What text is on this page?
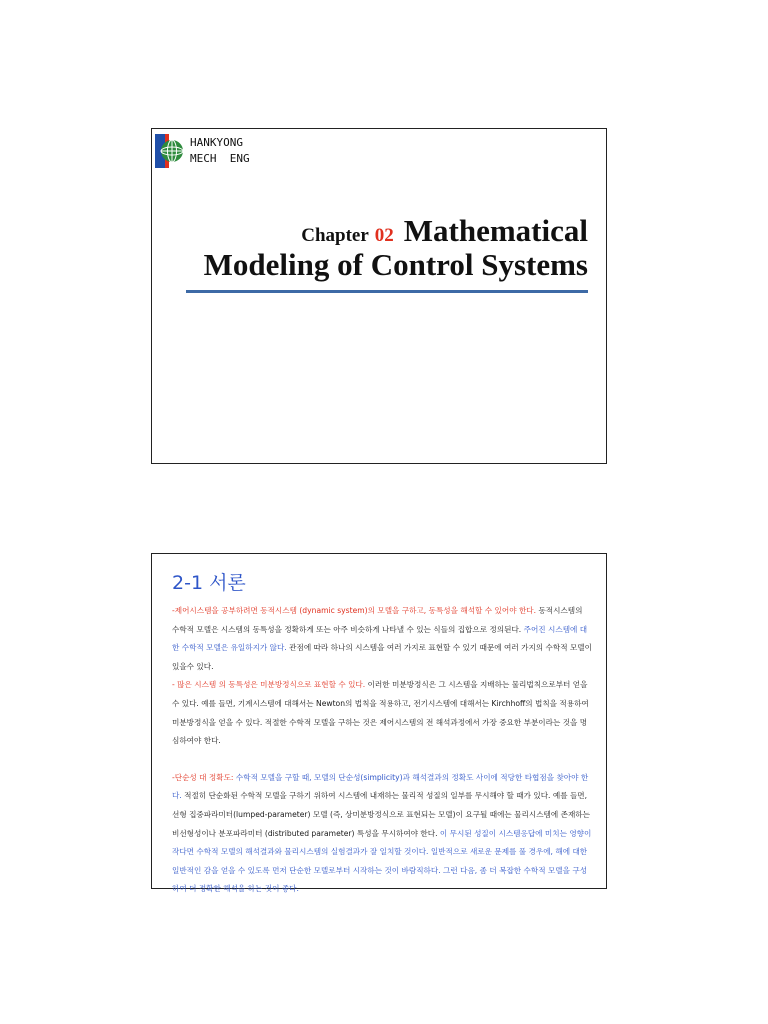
HANKYONG
MECH  ENG
Chapter 02 Mathematical
Modeling of Control Systems
2-1 서론

-제어시스템을 공부하려면 동적시스템 (dynamic system)의 모델을 구하고, 동특성을 해석할 수 있어야 한다. 동적시스템의 수학적 모델은 시스템의 동특성을 정확하게 또는 아주 비슷하게 나타낼 수 있는 식들의 집합으로 정의된다. 주어진 시스템에 대한 수학적 모델은 유일하지가 않다. 관점에 따라 하나의 시스템을 여러 가지로 표현할 수 있기 때문에 여러 가지의 수학적 모델이 있을수 있다.

- 많은 시스템 의 동특성은 미분방정식으로 표현할 수 있다. 이러한 미분방정식은 그 시스템을 지배하는 물리법칙으로부터 얻을 수 있다. 예를 들면, 기계시스템에 대해서는 Newton의 법칙을 적용하고, 전기시스템에 대해서는 Kirchhoff의 법칙을 적용하여 미분방정식을 얻을 수 있다. 적절한 수학적 모델을 구하는 것은 제어시스템의 전 해석과정에서 가장 중요한 부분이라는 것을 명심하여야 한다.

-단순성 대 정확도: 수학적 모델을 구할 때, 모델의 단순성(simplicity)과 해석결과의 정확도 사이에 적당한 타협점을 찾아야 한다. 적절히 단순화된 수학적 모델을 구하기 위하여 시스템에 내재하는 물리적 성질의 일부를 무시해야 할 때가 있다. 예를 들면, 선형 집중파라미터(lumped-parameter) 모델 (즉, 상미분방정식으로 표현되는 모델)이 요구될 때에는 물리시스템에 존재하는 비선형성이나 분포파라미터 (distributed parameter) 특성을 무시하여야 한다. 이 무시된 성질이 시스템응답에 미치는 영향이 작다면 수학적 모델의 해석결과와 물리시스템의 실험결과가 잘 일치할 것이다. 일반적으로 새로운 문제를 풀 경우에, 해에 대한 일반적인 감을 얻을 수 있도록 먼저 단순한 모델로부터 시작하는 것이 바람직하다. 그런 다음, 좀 더 복잡한 수학적 모델을 구성하여 더 정확한 해석을 하는 것이 좋다.
